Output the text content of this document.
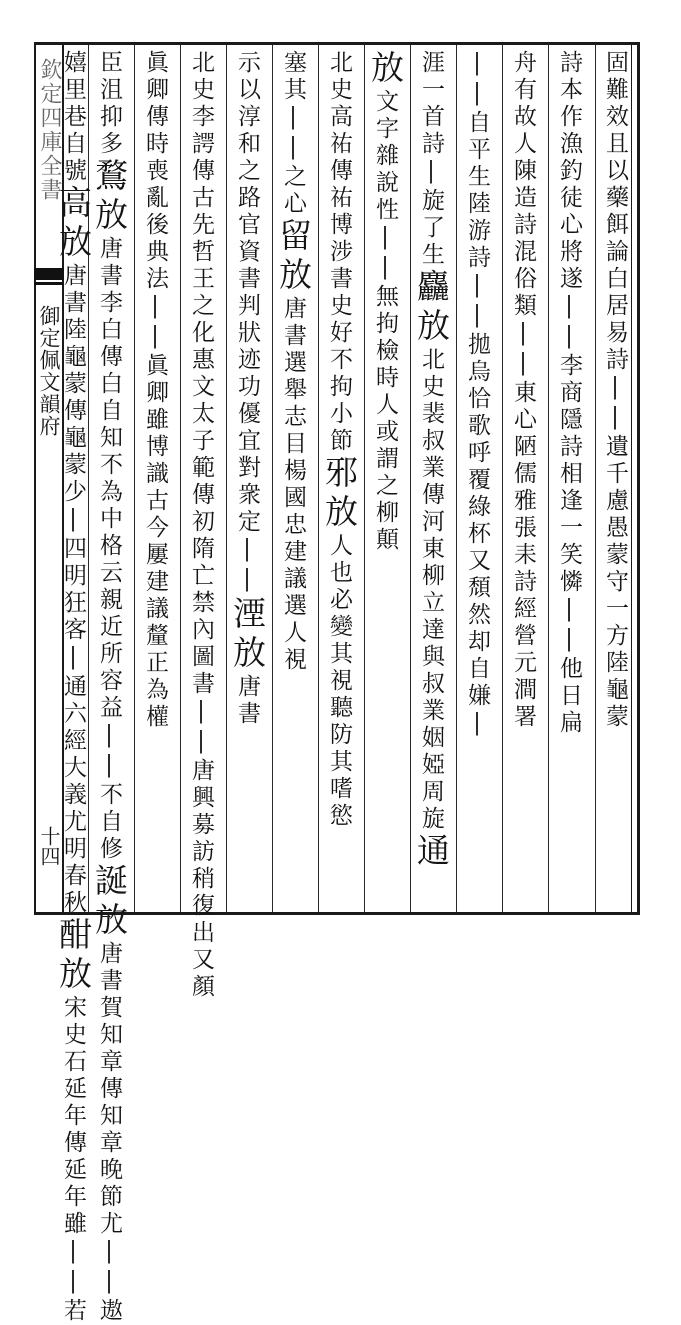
欽定四庫全書
御定佩文韻府
十四
固難效且以藥餌論白居易詩||遺千慮愚蒙守一方陸龜蒙
詩本作漁釣徒心將遂||李商隱詩相逢一笑憐||他日扁
舟有故人陳造詩混俗類||東心陋儒雅張耒詩經營元澗署
||自平生陸游詩||拋烏恰歌呼覆綠杯又頹然却自嫌|
涯一首詩|旋了生麤放北史裴叔業傳河東柳立達與叔業姻婭周旋通
放文字雜說性||無拘檢時人或謂之柳顛
北史高祐傳祐博涉書史好不拘小節邪放人也必變其視聽防其嗜慾
塞其||之心留放唐書選舉志目楊國忠建議選人視
示以淳和之路官資書判狀迹功優宜對衆定||湮放唐書
北史李諤傳古先哲王之化惠文太子範傳初隋亡禁內圖書||唐興募訪稍復出又顏
眞卿傳時喪亂後典法||眞卿雖博識古今屢建議釐正為權
臣沮抑多鶩放唐書李白傳白自知不為中格云親近所容益||不自修誕放唐書賀知章傳知章晚節尤||遨
嬉里巷自號高放唐書陸龜蒙傳龜蒙少|四明狂客|通六經大義尤明春秋酣放宋史石延年傳延年雖||若
